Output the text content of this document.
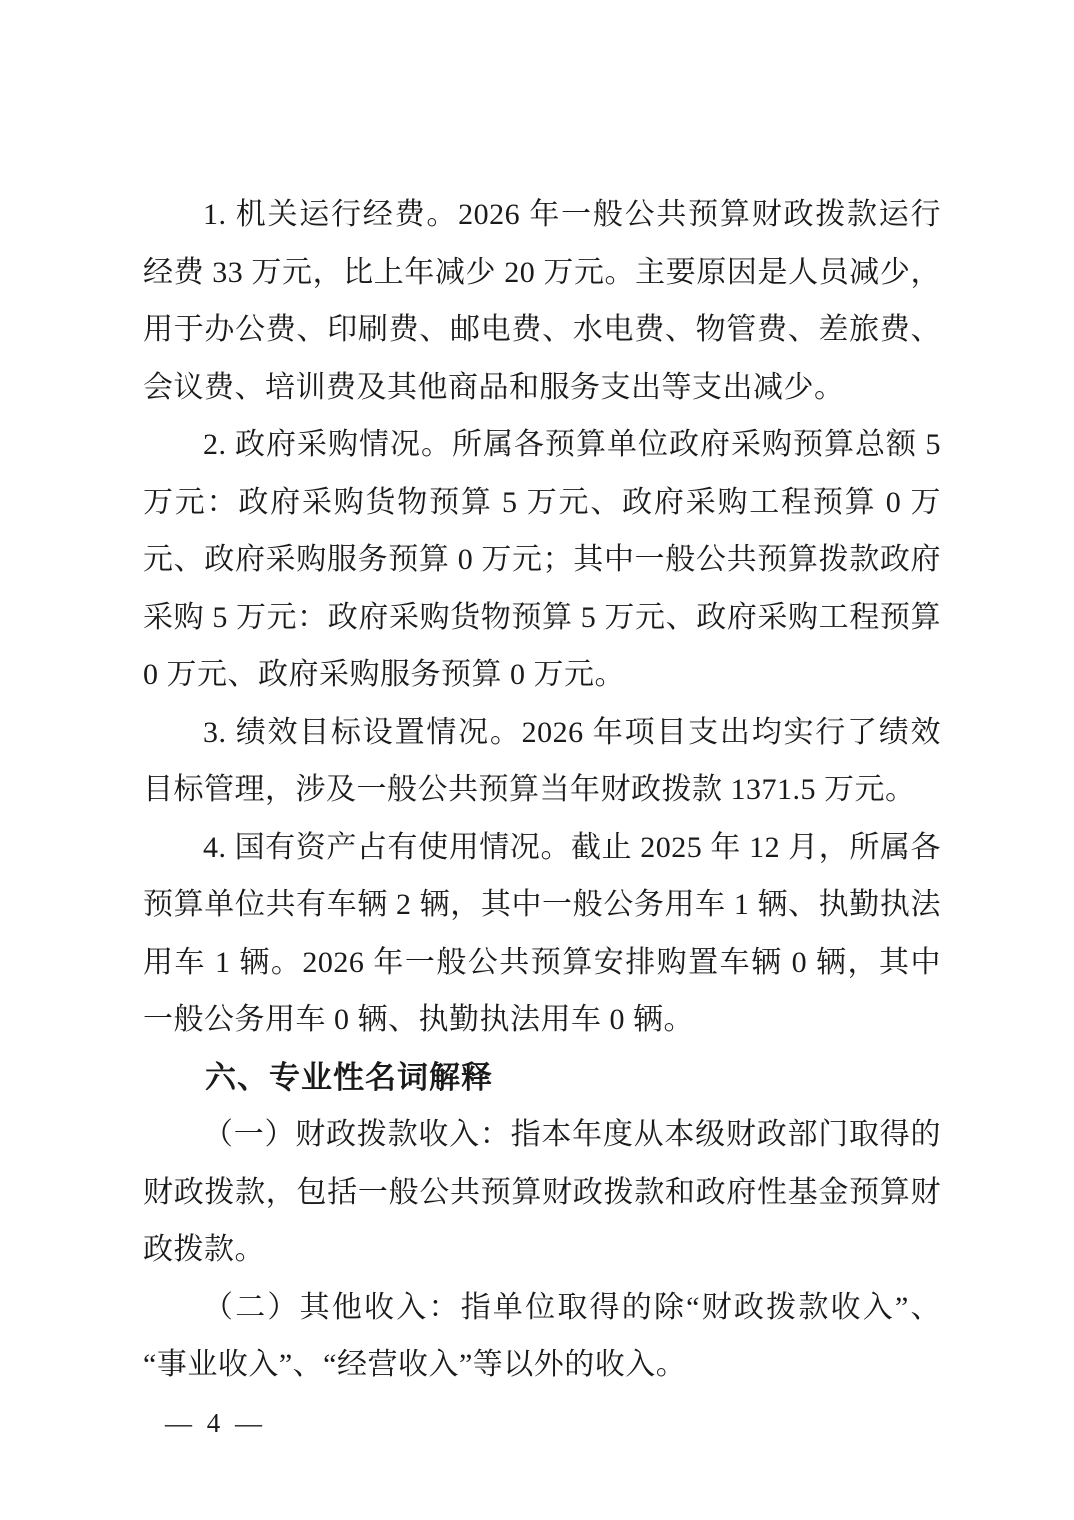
1. 机关运行经费。2026 年一般公共预算财政拨款运行经费 33 万元，比上年减少 20 万元。主要原因是人员减少，用于办公费、印刷费、邮电费、水电费、物管费、差旅费、会议费、培训费及其他商品和服务支出等支出减少。

2. 政府采购情况。所属各预算单位政府采购预算总额 5 万元：政府采购货物预算 5 万元、政府采购工程预算 0 万元、政府采购服务预算 0 万元；其中一般公共预算拨款政府采购 5 万元：政府采购货物预算 5 万元、政府采购工程预算 0 万元、政府采购服务预算 0 万元。

3. 绩效目标设置情况。2026 年项目支出均实行了绩效目标管理，涉及一般公共预算当年财政拨款 1371.5 万元。

4. 国有资产占有使用情况。截止 2025 年 12 月，所属各预算单位共有车辆 2 辆，其中一般公务用车 1 辆、执勤执法用车 1 辆。2026 年一般公共预算安排购置车辆 0 辆，其中一般公务用车 0 辆、执勤执法用车 0 辆。

六、专业性名词解释

（一）财政拨款收入：指本年度从本级财政部门取得的财政拨款，包括一般公共预算财政拨款和政府性基金预算财政拨款。

（二）其他收入：指单位取得的除“财政拨款收入”、“事业收入”、“经营收入”等以外的收入。

— 4 —
